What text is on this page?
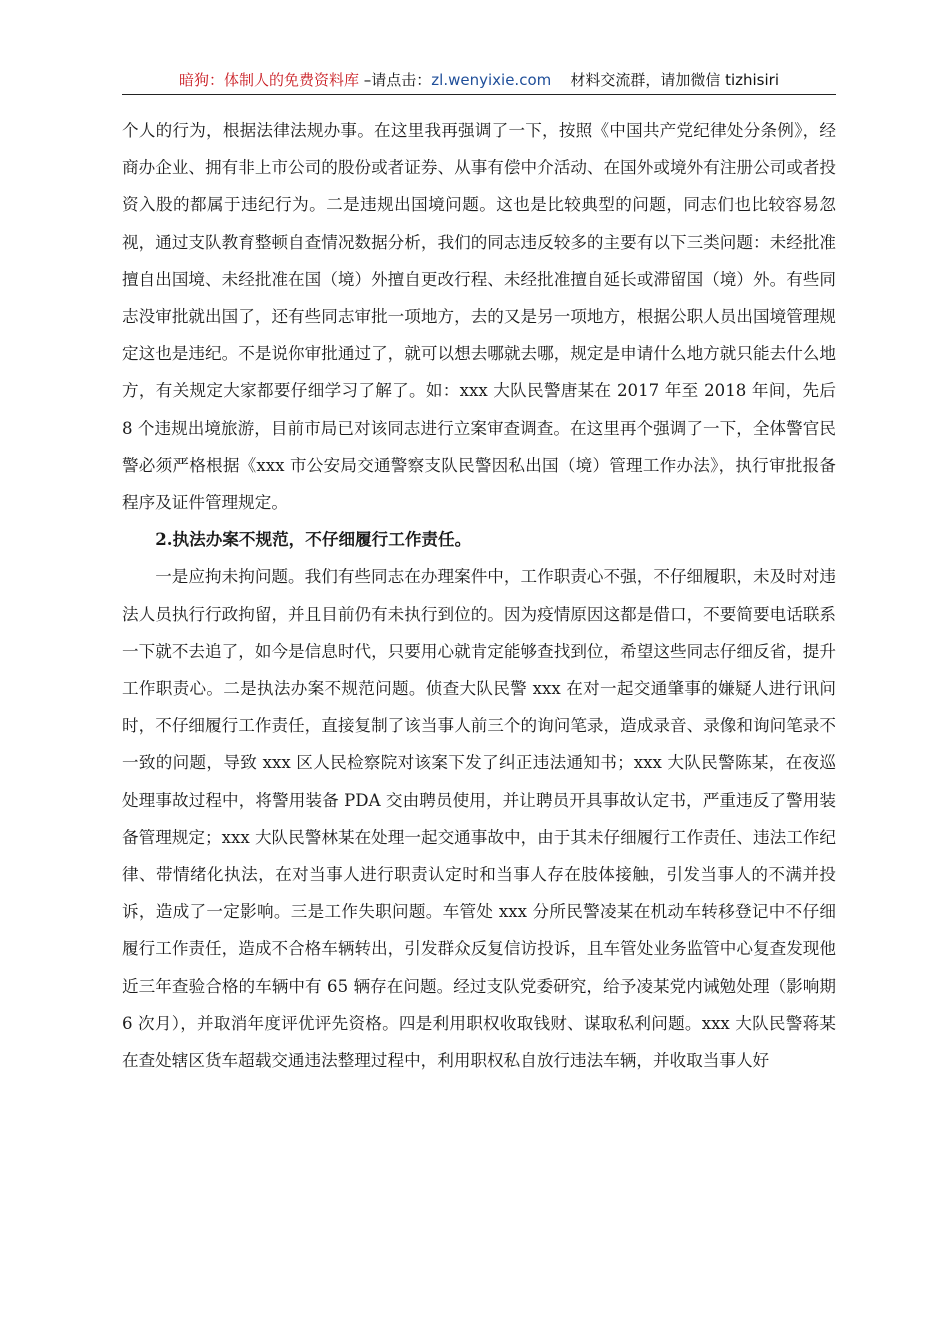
暗狗：体制人的免费资料库 –请点击：zl.wenyixie.com 材料交流群，请加微信 tizhisiri

个人的行为，根据法律法规办事。在这里我再强调了一下，按照《中国共产党纪律处分条例》，经商办企业、拥有非上市公司的股份或者证券、从事有偿中介活动、在国外或境外有注册公司或者投资入股的都属于违纪行为。二是违规出国境问题。这也是比较典型的问题，同志们也比较容易忽视，通过支队教育整顿自查情况数据分析，我们的同志违反较多的主要有以下三类问题：未经批准擅自出国境、未经批准在国（境）外擅自更改行程、未经批准擅自延长或滞留国（境）外。有些同志没审批就出国了，还有些同志审批一项地方，去的又是另一项地方，根据公职人员出国境管理规定这也是违纪。不是说你审批通过了，就可以想去哪就去哪，规定是申请什么地方就只能去什么地方，有关规定大家都要仔细学习了解了。如：xxx 大队民警唐某在 2017 年至 2018 年间，先后 8 个违规出境旅游，目前市局已对该同志进行立案审查调查。在这里再个强调了一下，全体警官民警必须严格根据《xxx 市公安局交通警察支队民警因私出国（境）管理工作办法》，执行审批报备程序及证件管理规定。

2.执法办案不规范，不仔细履行工作责任。

一是应拘未拘问题。我们有些同志在办理案件中，工作职责心不强，不仔细履职，未及时对违法人员执行行政拘留，并且目前仍有未执行到位的。因为疫情原因这都是借口，不要简要电话联系一下就不去追了，如今是信息时代，只要用心就肯定能够查找到位，希望这些同志仔细反省，提升工作职责心。二是执法办案不规范问题。侦查大队民警 xxx 在对一起交通肇事的嫌疑人进行讯问时，不仔细履行工作责任，直接复制了该当事人前三个的询问笔录，造成录音、录像和询问笔录不一致的问题，导致 xxx 区人民检察院对该案下发了纠正违法通知书；xxx 大队民警陈某，在夜巡处理事故过程中，将警用装备 PDA 交由聘员使用，并让聘员开具事故认定书，严重违反了警用装备管理规定；xxx 大队民警林某在处理一起交通事故中，由于其未仔细履行工作责任、违法工作纪律、带情绪化执法，在对当事人进行职责认定时和当事人存在肢体接触，引发当事人的不满并投诉，造成了一定影响。三是工作失职问题。车管处 xxx 分所民警凌某在机动车转移登记中不仔细履行工作责任，造成不合格车辆转出，引发群众反复信访投诉，且车管处业务监管中心复查发现他近三年查验合格的车辆中有 65 辆存在问题。经过支队党委研究，给予凌某党内诫勉处理（影响期 6 次月），并取消年度评优评先资格。四是利用职权收取钱财、谋取私利问题。xxx 大队民警蒋某在查处辖区货车超载交通违法整理过程中，利用职权私自放行违法车辆，并收取当事人好
